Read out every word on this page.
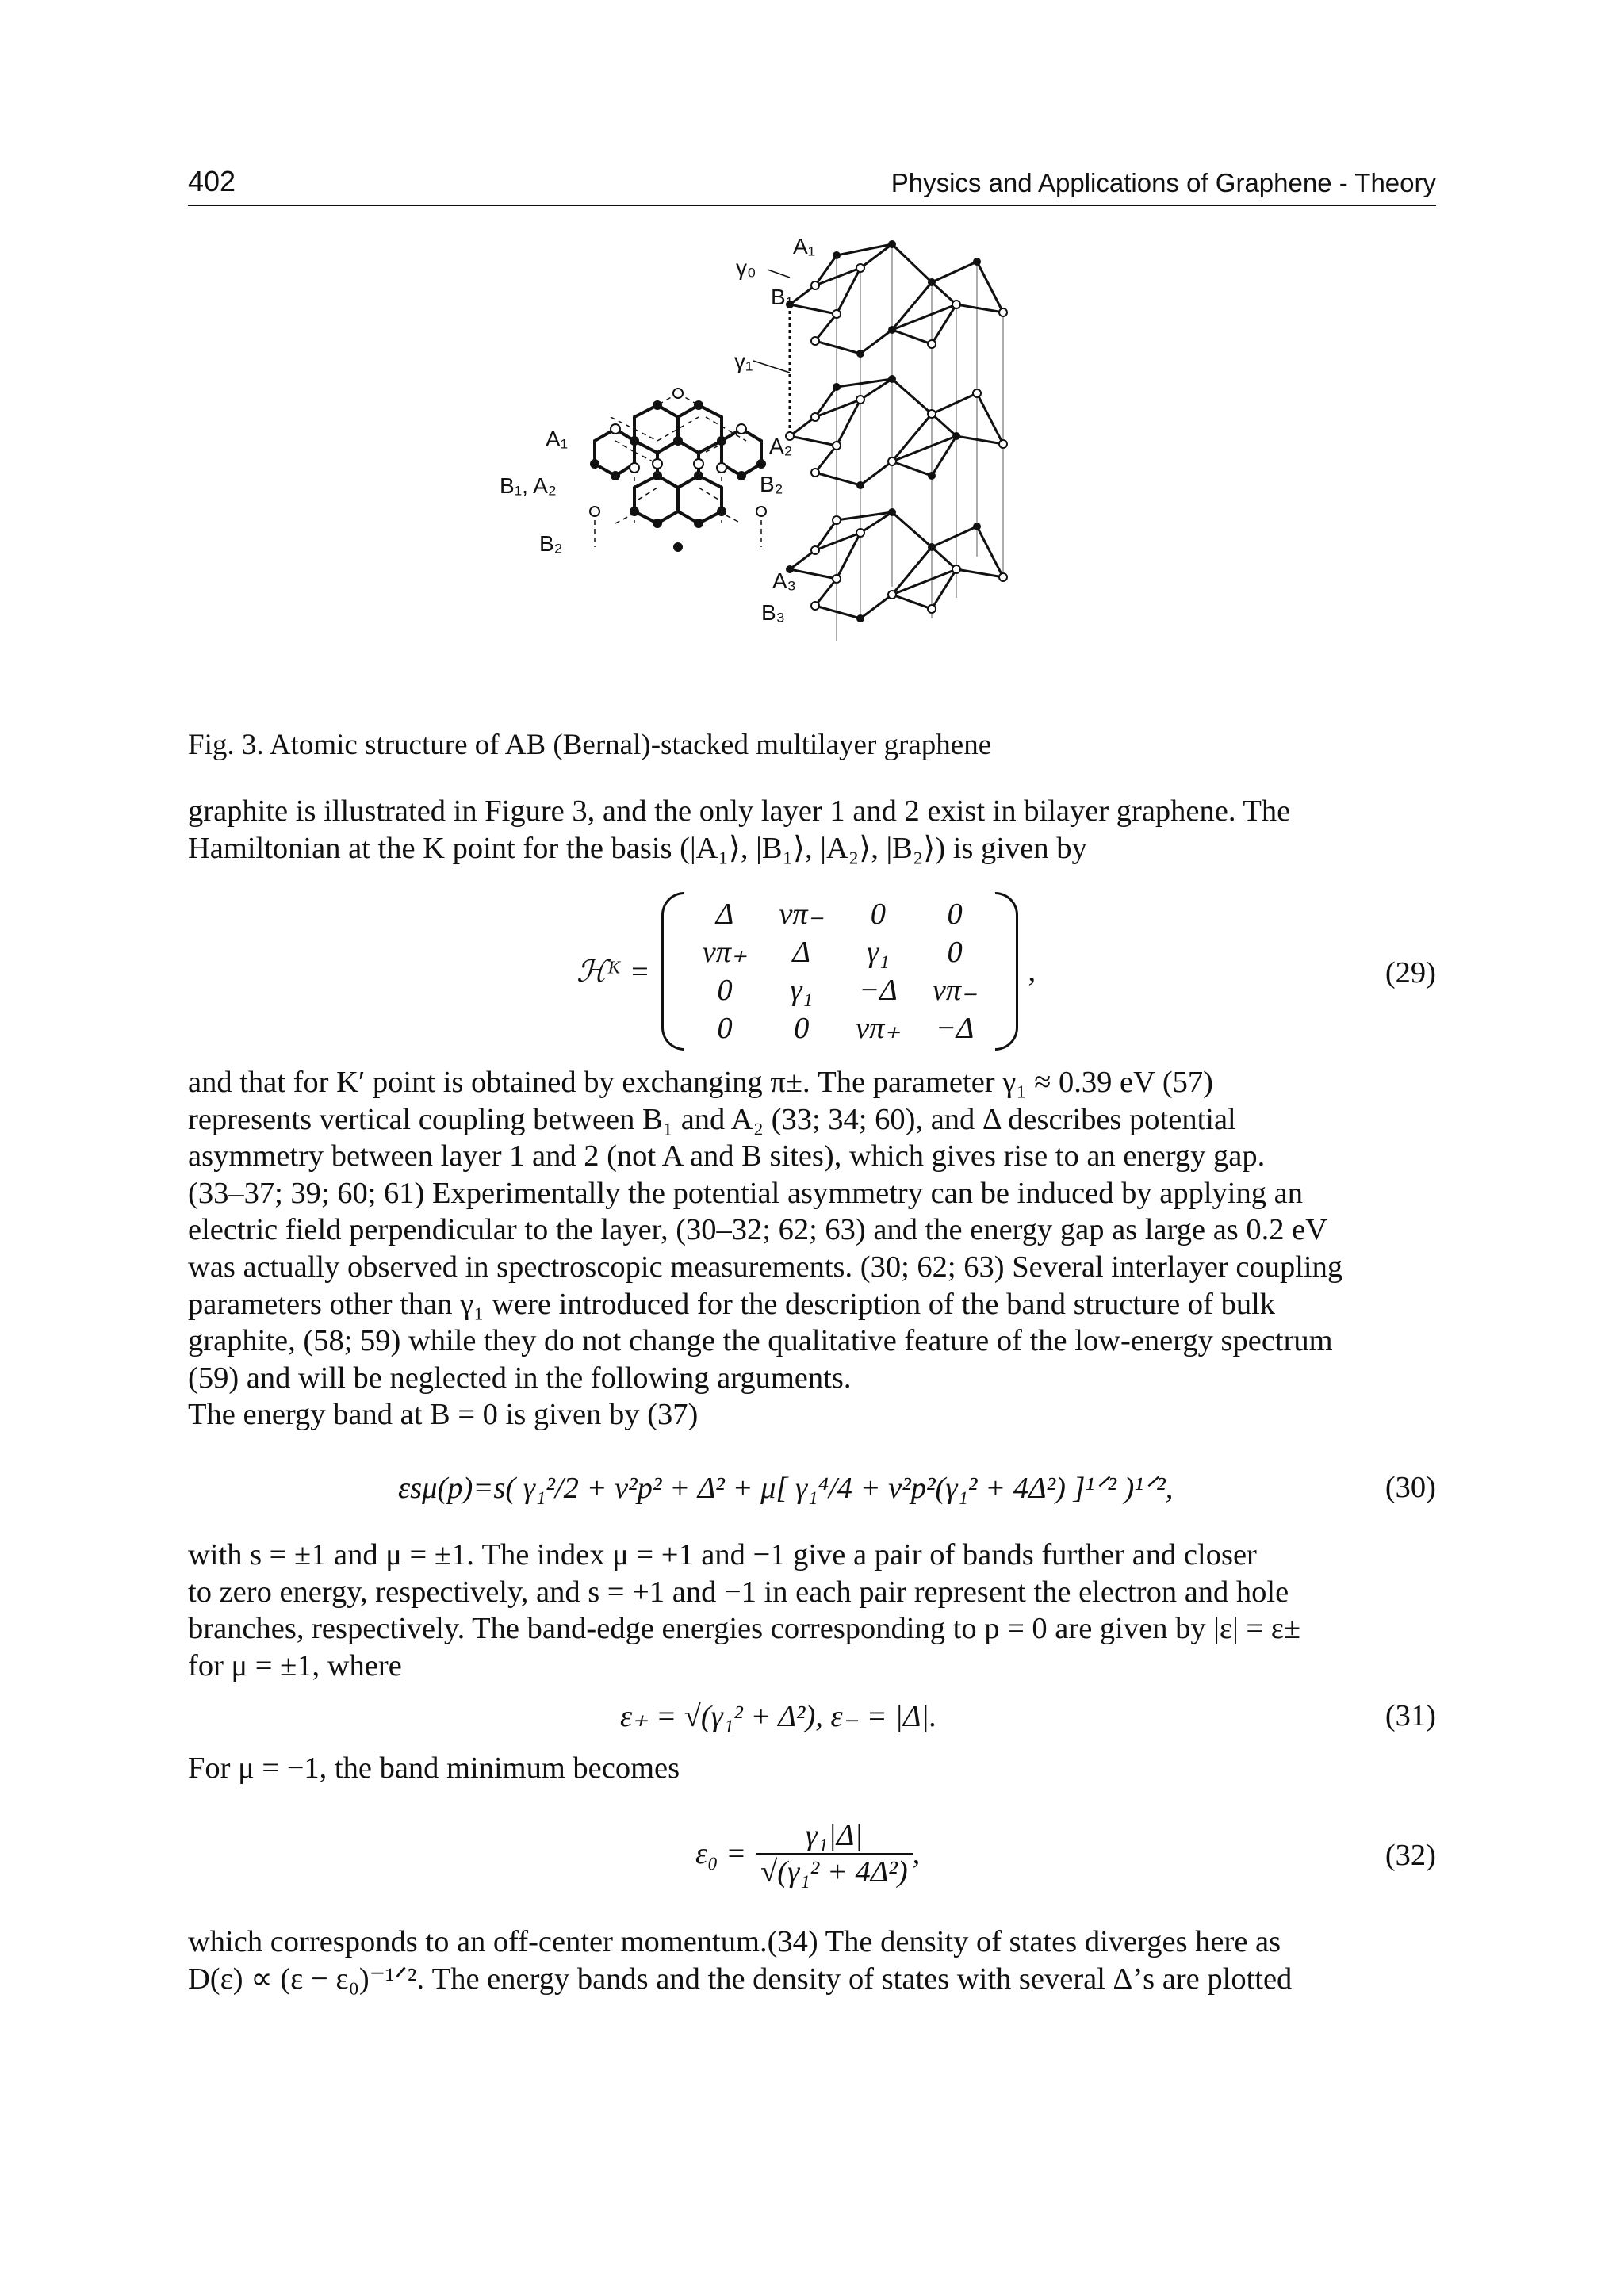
402	Physics and Applications of Graphene - Theory
A₁
γ₀
B₁
γ₁
A₂
B₂
A₃
B₃
A₁
B₁, A₂
B₂
Fig. 3. Atomic structure of AB (Bernal)-stacked multilayer graphene

graphite is illustrated in Figure 3, and the only layer 1 and 2 exist in bilayer graphene. The
Hamiltonian at the K point for the basis (|A₁⟩, |B₁⟩, |A₂⟩, |B₂⟩) is given by

ℋᴷ =
Δ	vπ₋	0	0
vπ₊	Δ	γ₁	0
0	γ₁	−Δ	vπ₋
0	0	vπ₊	−Δ
,	(29)

and that for K′ point is obtained by exchanging π±. The parameter γ₁ ≈ 0.39 eV (57)
represents vertical coupling between B₁ and A₂ (33; 34; 60), and Δ describes potential
asymmetry between layer 1 and 2 (not A and B sites), which gives rise to an energy gap.
(33–37; 39; 60; 61) Experimentally the potential asymmetry can be induced by applying an
electric field perpendicular to the layer, (30–32; 62; 63) and the energy gap as large as 0.2 eV
was actually observed in spectroscopic measurements. (30; 62; 63) Several interlayer coupling
parameters other than γ₁ were introduced for the description of the band structure of bulk
graphite, (58; 59) while they do not change the qualitative feature of the low-energy spectrum
(59) and will be neglected in the following arguments.
The energy band at B = 0 is given by (37)

εsμ(p)=s( γ₁²/2 + v²p² + Δ² + μ[ γ₁⁴/4 + v²p²(γ₁² + 4Δ²) ]¹ᐟ² )¹ᐟ²,	(30)

with s = ±1 and μ = ±1. The index μ = +1 and −1 give a pair of bands further and closer
to zero energy, respectively, and s = +1 and −1 in each pair represent the electron and hole
branches, respectively. The band-edge energies corresponding to p = 0 are given by |ε| = ε±
for μ = ±1, where

ε₊ = √(γ₁² + Δ²), ε₋ = |Δ|.	(31)

For μ = −1, the band minimum becomes

$\varepsilon_0 = \frac{\text{γ₁|Δ|}}{\text{√(γ₁² + 4Δ²)}}$ ,	(32)

which corresponds to an off-center momentum.(34) The density of states diverges here as
D(ε) ∝ (ε − ε₀)⁻¹ᐟ². The energy bands and the density of states with several Δ’s are plotted
